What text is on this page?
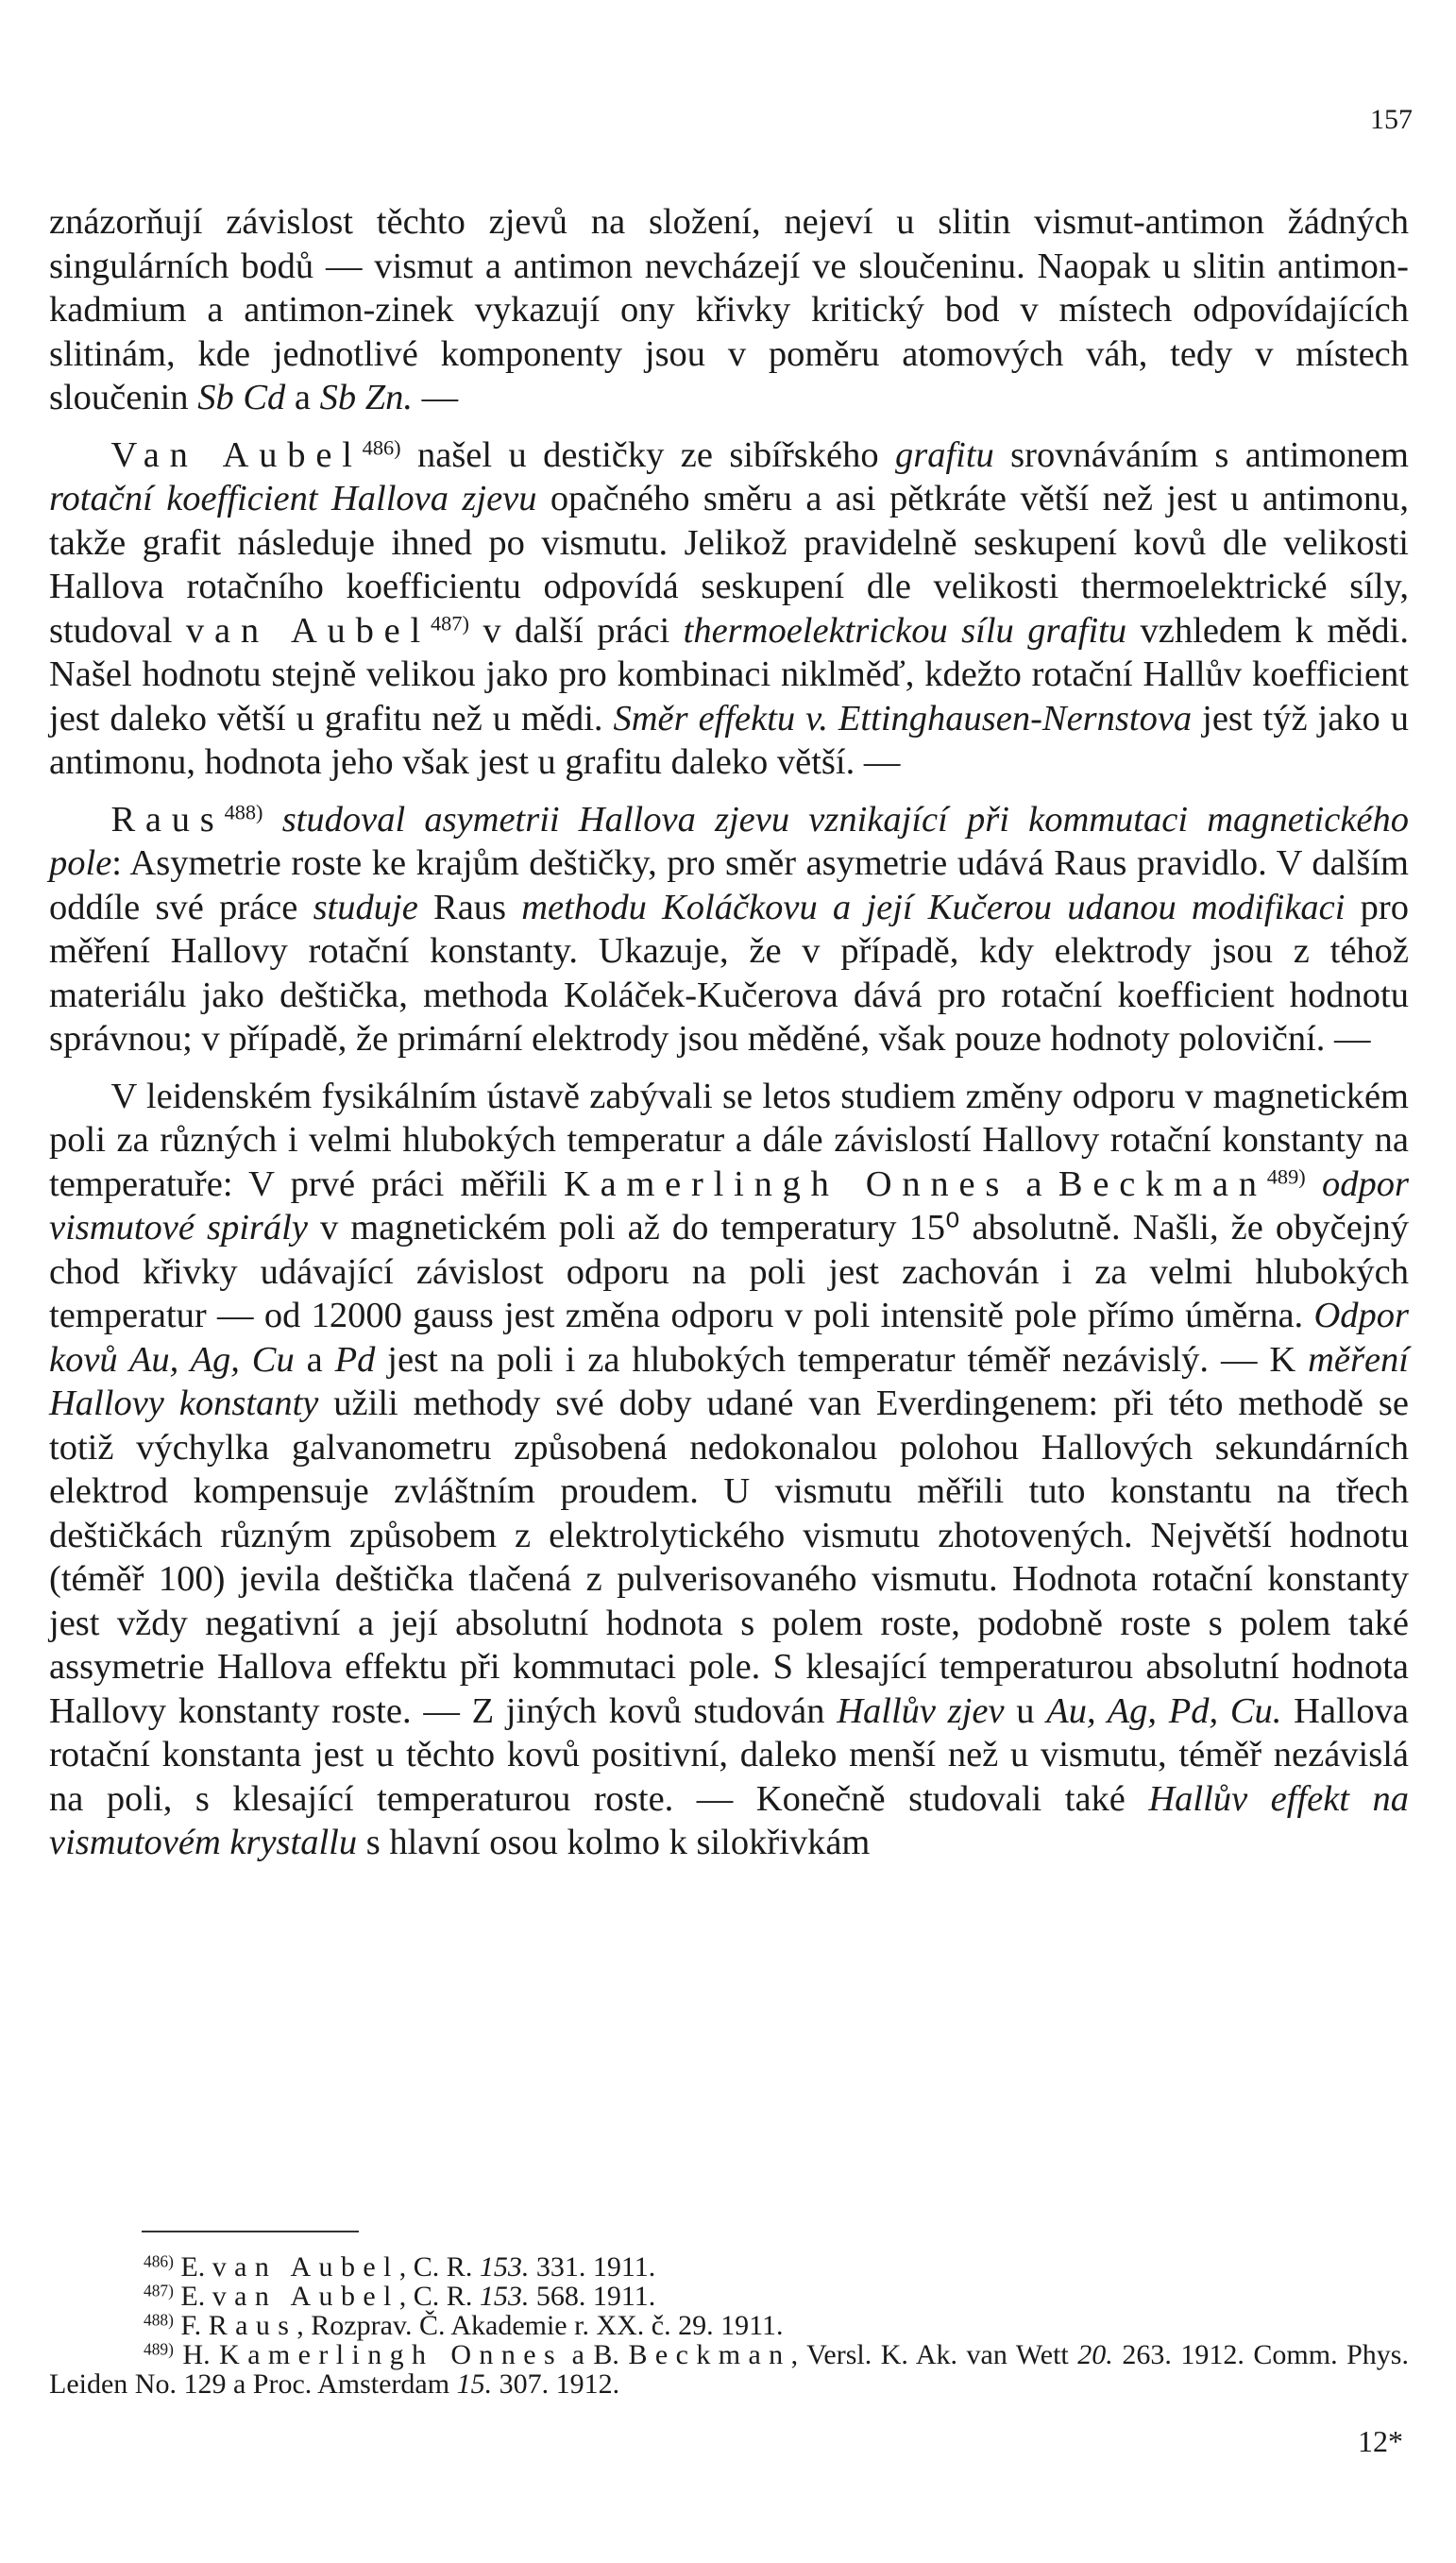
157

znázorňují závislost těchto zjevů na složení, nejeví u slitin vismut-antimon žádných singulárních bodů — vismut a antimon nevcházejí ve sloučeninu. Naopak u slitin antimon-kadmium a antimon-zinek vykazují ony křivky kritický bod v místech odpovídajících slitinám, kde jednotlivé komponenty jsou v poměru atomových váh, tedy v místech sloučenin Sb Cd a Sb Zn. —

Van Aubel$^{486)}$ našel u destičky ze sibířského grafitu srovnáváním s antimonem rotační koefficient Hallova zjevu opačného směru a asi pětkráte větší než jest u antimonu, takže grafit následuje ihned po vismutu. Jelikož pravidelně seskupení kovů dle velikosti Hallova rotačního koefficientu odpovídá seskupení dle velikosti thermoelektrické síly, studoval van Aubel$^{487)}$ v další práci thermoelektrickou sílu grafitu vzhledem k mědi. Našel hodnotu stejně velikou jako pro kombinaci niklměď, kdežto rotační Hallův koefficient jest daleko větší u grafitu než u mědi. Směr effektu v. Ettinghausen-Nernstova jest týž jako u antimonu, hodnota jeho však jest u grafitu daleko větší. —

Raus$^{488)}$ studoval asymetrii Hallova zjevu vznikající při kommutaci magnetického pole: Asymetrie roste ke krajům deštičky, pro směr asymetrie udává Raus pravidlo. V dalším oddíle své práce studuje Raus methodu Koláčkovu a její Kučerou udanou modifikaci pro měření Hallovy rotační konstanty. Ukazuje, že v případě, kdy elektrody jsou z téhož materiálu jako deštička, methoda Koláček-Kučerova dává pro rotační koefficient hodnotu správnou; v případě, že primární elektrody jsou měděné, však pouze hodnoty poloviční. —

V leidenském fysikálním ústavě zabývali se letos studiem změny odporu v magnetickém poli za různých i velmi hlubokých temperatur a dále závislostí Hallovy rotační konstanty na temperatuře: V prvé práci měřili Kamerlingh Onnes a Beckman$^{489)}$ odpor vismutové spirály v magnetickém poli až do temperatury 15⁰ absolutně. Našli, že obyčejný chod křivky udávající závislost odporu na poli jest zachován i za velmi hlubokých temperatur — od 12000 gauss jest změna odporu v poli intensitě pole přímo úměrna. Odpor kovů Au, Ag, Cu a Pd jest na poli i za hlubokých temperatur téměř nezávislý. — K měření Hallovy konstanty užili methody své doby udané van Everdingenem: při této methodě se totiž výchylka galvanometru způsobená nedokonalou polohou Hallových sekundárních elektrod kompensuje zvláštním proudem. U vismutu měřili tuto konstantu na třech deštičkách různým způsobem z elektrolytického vismutu zhotovených. Největší hodnotu (téměř 100) jevila deštička tlačená z pulverisovaného vismutu. Hodnota rotační konstanty jest vždy negativní a její absolutní hodnota s polem roste, podobně roste s polem také assymetrie Hallova effektu při kommutaci pole. S klesající temperaturou absolutní hodnota Hallovy konstanty roste. — Z jiných kovů studován Hallův zjev u Au, Ag, Pd, Cu. Hallova rotační konstanta jest u těchto kovů positivní, daleko menší než u vismutu, téměř nezávislá na poli, s klesající temperaturou roste. — Konečně studovali také Hallův effekt na vismutovém krystallu s hlavní osou kolmo k silokřivkám

$^{486)}$ E. van Aubel, C. R. 153. 331. 1911.

$^{487)}$ E. van Aubel, C. R. 153. 568. 1911.

$^{488)}$ F. Raus, Rozprav. Č. Akademie r. XX. č. 29. 1911.

$^{489)}$ H. Kamerlingh Onnes a B. Beckman, Versl. K. Ak. van Wett 20. 263. 1912. Comm. Phys. Leiden No. 129 a Proc. Amsterdam 15. 307. 1912.

12*
